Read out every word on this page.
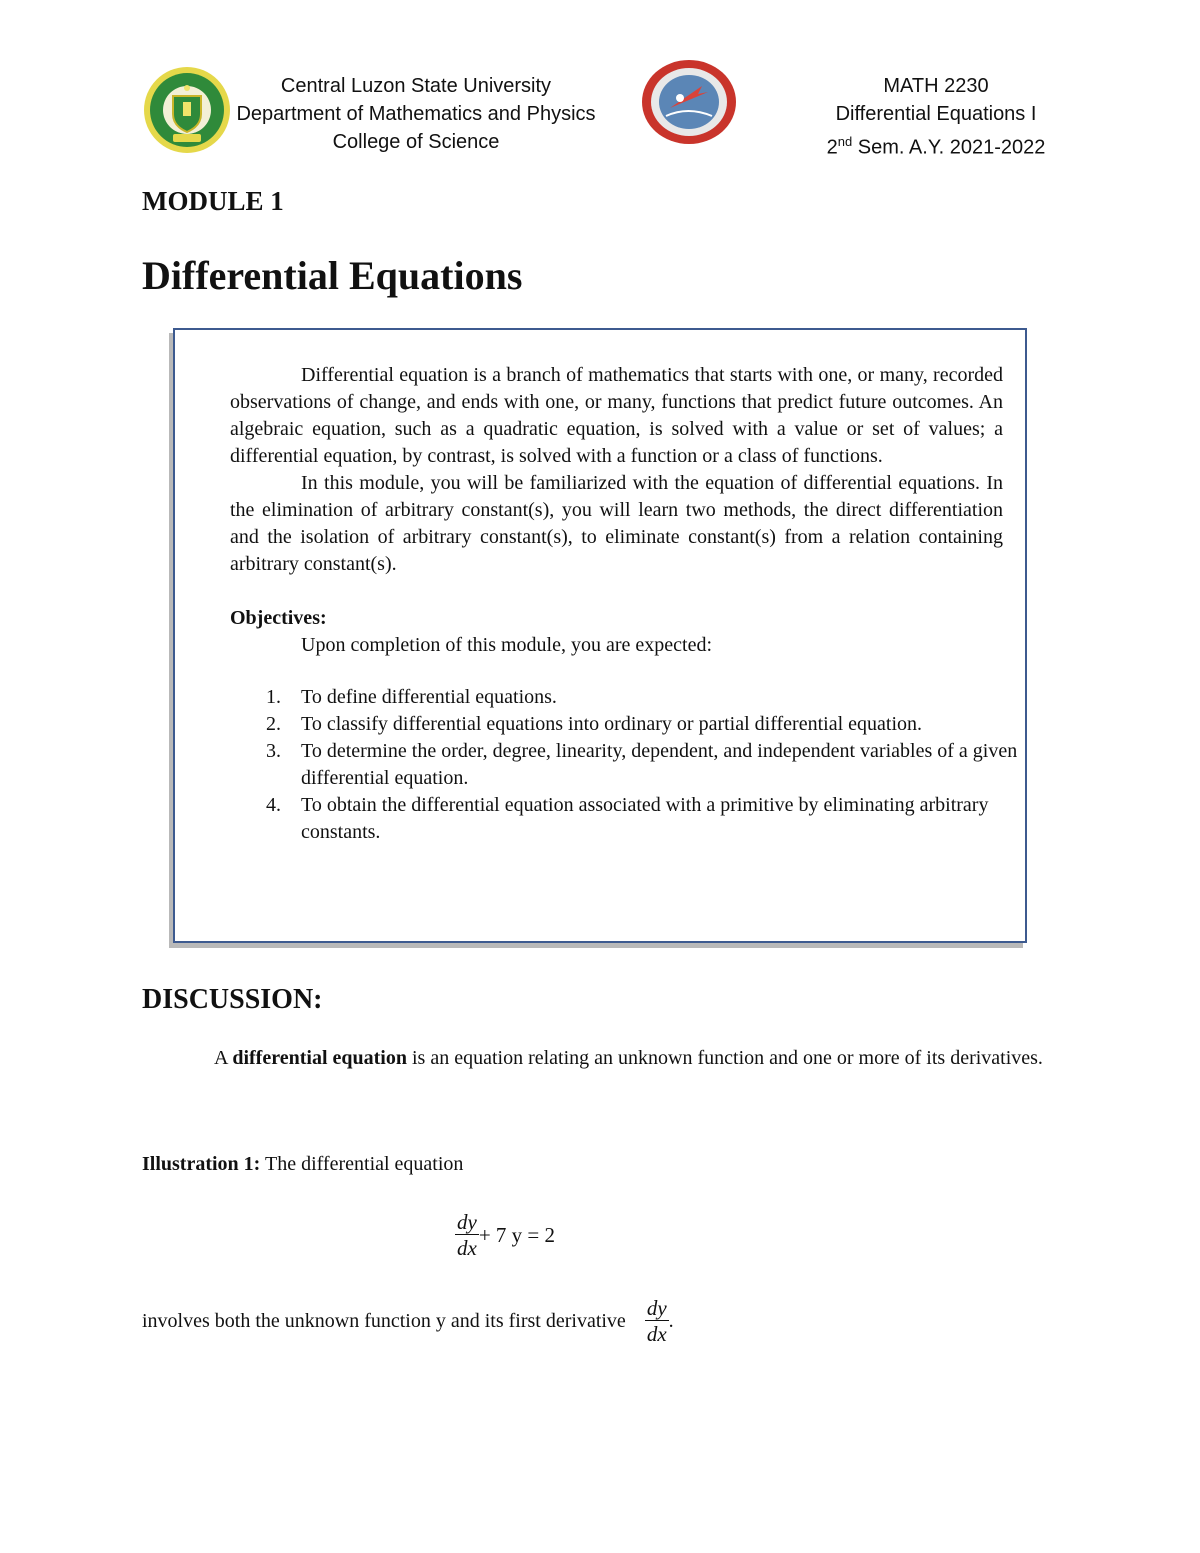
Central Luzon State University
Department of Mathematics and Physics
College of Science
MATH 2230
Differential Equations I
2nd Sem. A.Y. 2021-2022
MODULE 1
Differential Equations

Differential equation is a branch of mathematics that starts with one, or many, recorded observations of change, and ends with one, or many, functions that predict future outcomes. An algebraic equation, such as a quadratic equation, is solved with a value or set of values; a differential equation, by contrast, is solved with a function or a class of functions.

In this module, you will be familiarized with the equation of differential equations. In the elimination of arbitrary constant(s), you will learn two methods, the direct differentiation and the isolation of arbitrary constant(s), to eliminate constant(s) from a relation containing arbitrary constant(s).

Objectives:

Upon completion of this module, you are expected:

1. To define differential equations.
2. To classify differential equations into ordinary or partial differential equation.
3. To determine the order, degree, linearity, dependent, and independent variables of a given differential equation.
4. To obtain the differential equation associated with a primitive by eliminating arbitrary constants.
DISCUSSION:
A differential equation is an equation relating an unknown function and one or more of its derivatives.
Illustration 1: The differential equation
$\frac{dy}{dx} + 7$ y = 2
involves both the unknown function y and its first derivative $\frac{dy}{dx}$ .
